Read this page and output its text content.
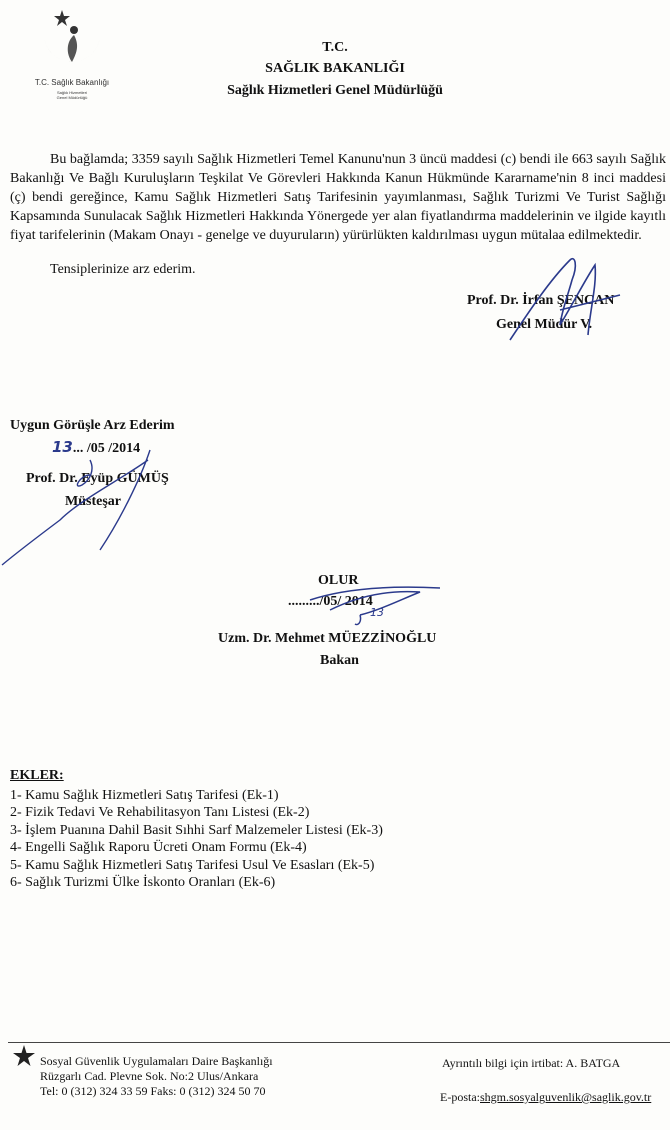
T.C. Sağlık Bakanlığı
Sağlık Hizmetleri
Genel Müdürlüğü
T.C.
SAĞLIK BAKANLIĞI
Sağlık Hizmetleri Genel Müdürlüğü

Bu bağlamda; 3359 sayılı Sağlık Hizmetleri Temel Kanunu'nun 3 üncü maddesi (c) bendi ile 663 sayılı Sağlık Bakanlığı Ve Bağlı Kuruluşların Teşkilat Ve Görevleri Hakkında Kanun Hükmünde Kararname'nin 8 inci maddesi (ç) bendi gereğince, Kamu Sağlık Hizmetleri Satış Tarifesinin yayımlanması, Sağlık Turizmi Ve Turist Sağlığı Kapsamında Sunulacak Sağlık Hizmetleri Hakkında Yönergede yer alan fiyatlandırma maddelerinin ve ilgide kayıtlı fiyat tarifelerinin (Makam Onayı - genelge ve duyuruların) yürürlükten kaldırılması uygun mütalaa edilmektedir.

Tensiplerinize arz ederim.
Prof. Dr. İrfan ŞENCAN
Genel Müdür V.
Uygun Görüşle Arz Ederim
13... /05 /2014
Prof. Dr. Eyüp GÜMÜŞ
Müsteşar
OLUR
........./05/ 2014
13
Uzm. Dr. Mehmet MÜEZZİNOĞLU
Bakan
EKLER:
1- Kamu Sağlık Hizmetleri Satış Tarifesi (Ek-1)
2- Fizik Tedavi Ve Rehabilitasyon Tanı Listesi (Ek-2)
3- İşlem Puanına Dahil Basit Sıhhi Sarf Malzemeler Listesi (Ek-3)
4- Engelli Sağlık Raporu Ücreti Onam Formu (Ek-4)
5- Kamu Sağlık Hizmetleri Satış Tarifesi Usul Ve Esasları (Ek-5)
6- Sağlık Turizmi Ülke İskonto Oranları (Ek-6)
Sosyal Güvenlik Uygulamaları Daire Başkanlığı
Rüzgarlı Cad. Plevne Sok. No:2 Ulus/Ankara
Tel: 0 (312) 324 33 59 Faks: 0 (312) 324 50 70
Ayrıntılı bilgi için irtibat: A. BATGA
E-posta:shgm.sosyalguvenlik@saglik.gov.tr
